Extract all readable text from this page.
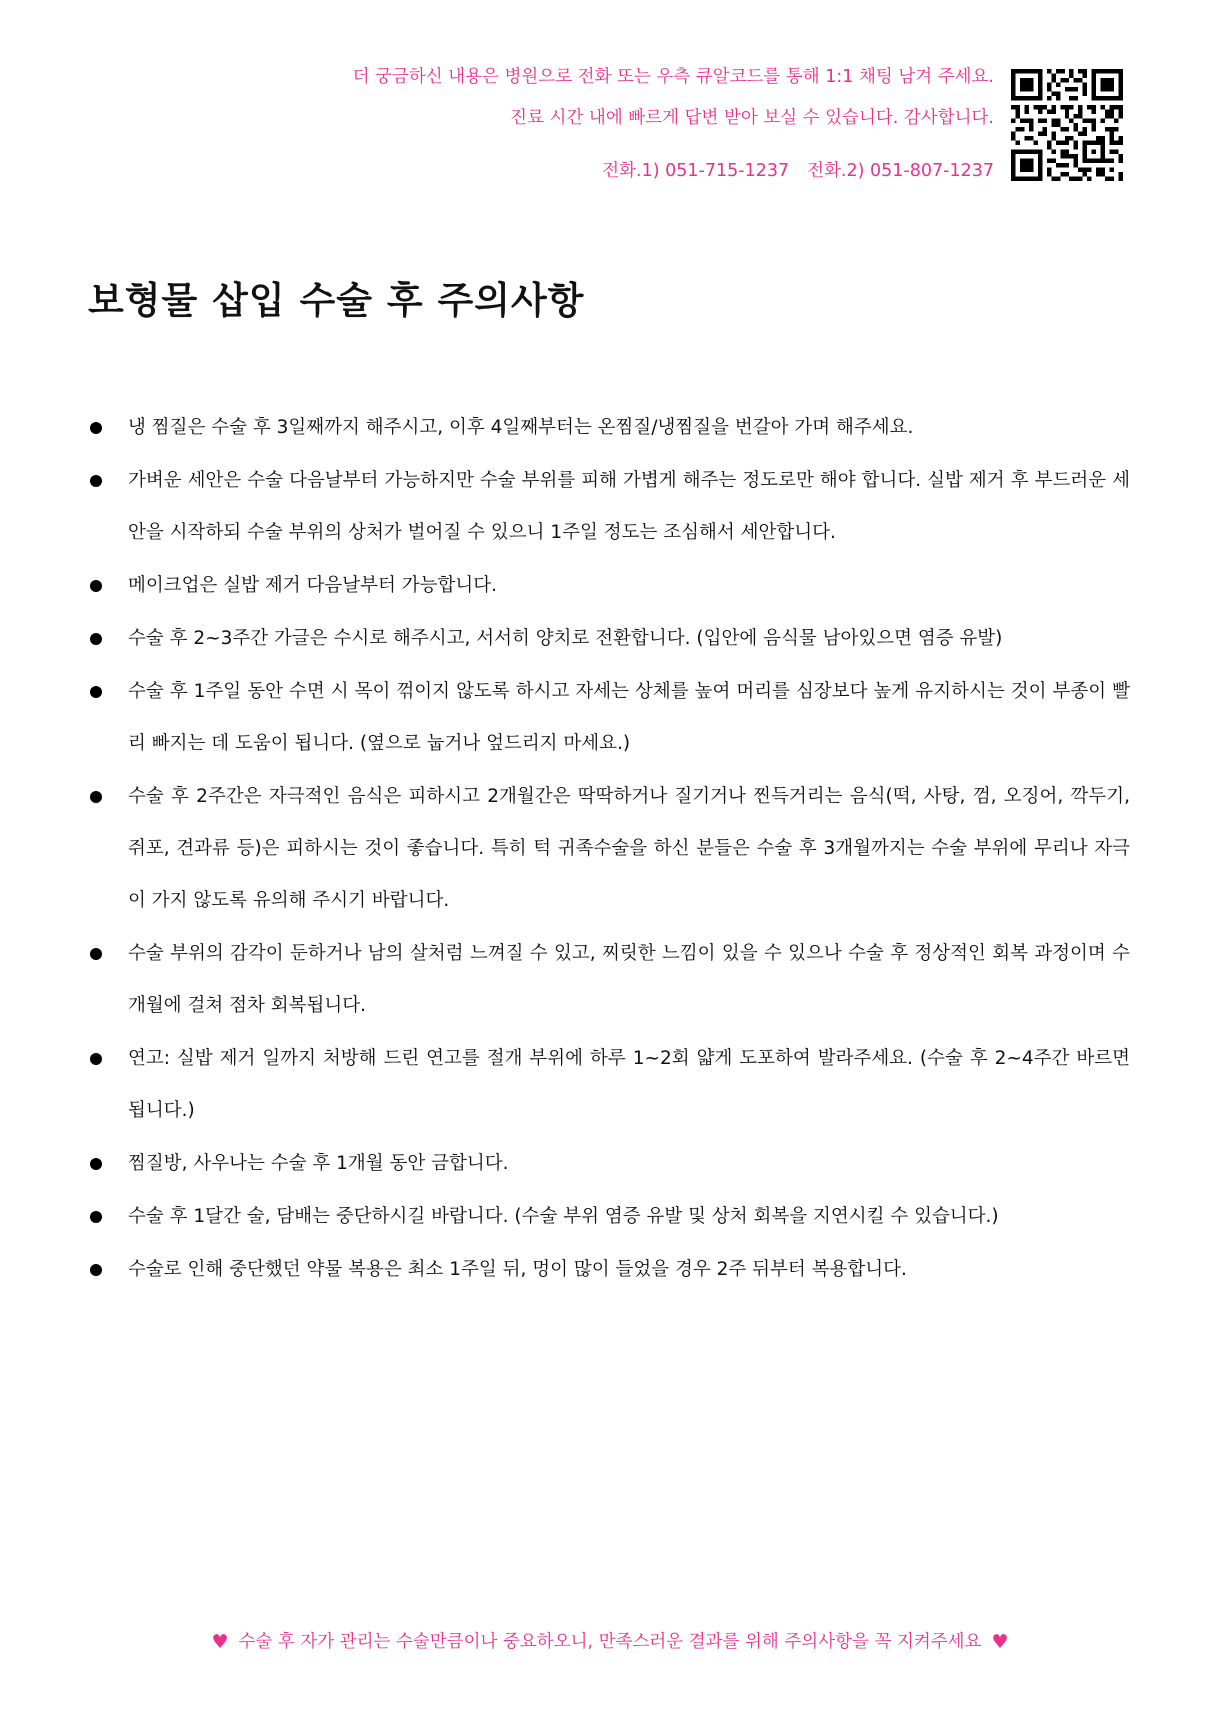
더 궁금하신 내용은 병원으로 전화 또는 우측 큐알코드를 통해 1:1 채팅 남겨 주세요.
진료 시간 내에 빠르게 답변 받아 보실 수 있습니다. 감사합니다.
전화.1) 051-715-1237 전화.2) 051-807-1237
보형물 삽입 수술 후 주의사항
냉 찜질은 수술 후 3일째까지 해주시고, 이후 4일째부터는 온찜질/냉찜질을 번갈아 가며 해주세요.
가벼운 세안은 수술 다음날부터 가능하지만 수술 부위를 피해 가볍게 해주는 정도로만 해야 합니다. 실밥 제거 후 부드러운 세안을 시작하되 수술 부위의 상처가 벌어질 수 있으니 1주일 정도는 조심해서 세안합니다.
메이크업은 실밥 제거 다음날부터 가능합니다.
수술 후 2~3주간 가글은 수시로 해주시고, 서서히 양치로 전환합니다. (입안에 음식물 남아있으면 염증 유발)
수술 후 1주일 동안 수면 시 목이 꺾이지 않도록 하시고 자세는 상체를 높여 머리를 심장보다 높게 유지하시는 것이 부종이 빨리 빠지는 데 도움이 됩니다. (옆으로 눕거나 엎드리지 마세요.)
수술 후 2주간은 자극적인 음식은 피하시고 2개월간은 딱딱하거나 질기거나 찐득거리는 음식(떡, 사탕, 껌, 오징어, 깍두기, 쥐포, 견과류 등)은 피하시는 것이 좋습니다. 특히 턱 귀족수술을 하신 분들은 수술 후 3개월까지는 수술 부위에 무리나 자극이 가지 않도록 유의해 주시기 바랍니다.
수술 부위의 감각이 둔하거나 남의 살처럼 느껴질 수 있고, 찌릿한 느낌이 있을 수 있으나 수술 후 정상적인 회복 과정이며 수개월에 걸쳐 점차 회복됩니다.
연고: 실밥 제거 일까지 처방해 드린 연고를 절개 부위에 하루 1~2회 얇게 도포하여 발라주세요. (수술 후 2~4주간 바르면 됩니다.)
찜질방, 사우나는 수술 후 1개월 동안 금합니다.
수술 후 1달간 술, 담배는 중단하시길 바랍니다. (수술 부위 염증 유발 및 상처 회복을 지연시킬 수 있습니다.)
수술로 인해 중단했던 약물 복용은 최소 1주일 뒤, 멍이 많이 들었을 경우 2주 뒤부터 복용합니다.
♥ 수술 후 자가 관리는 수술만큼이나 중요하오니, 만족스러운 결과를 위해 주의사항을 꼭 지켜주세요 ♥
